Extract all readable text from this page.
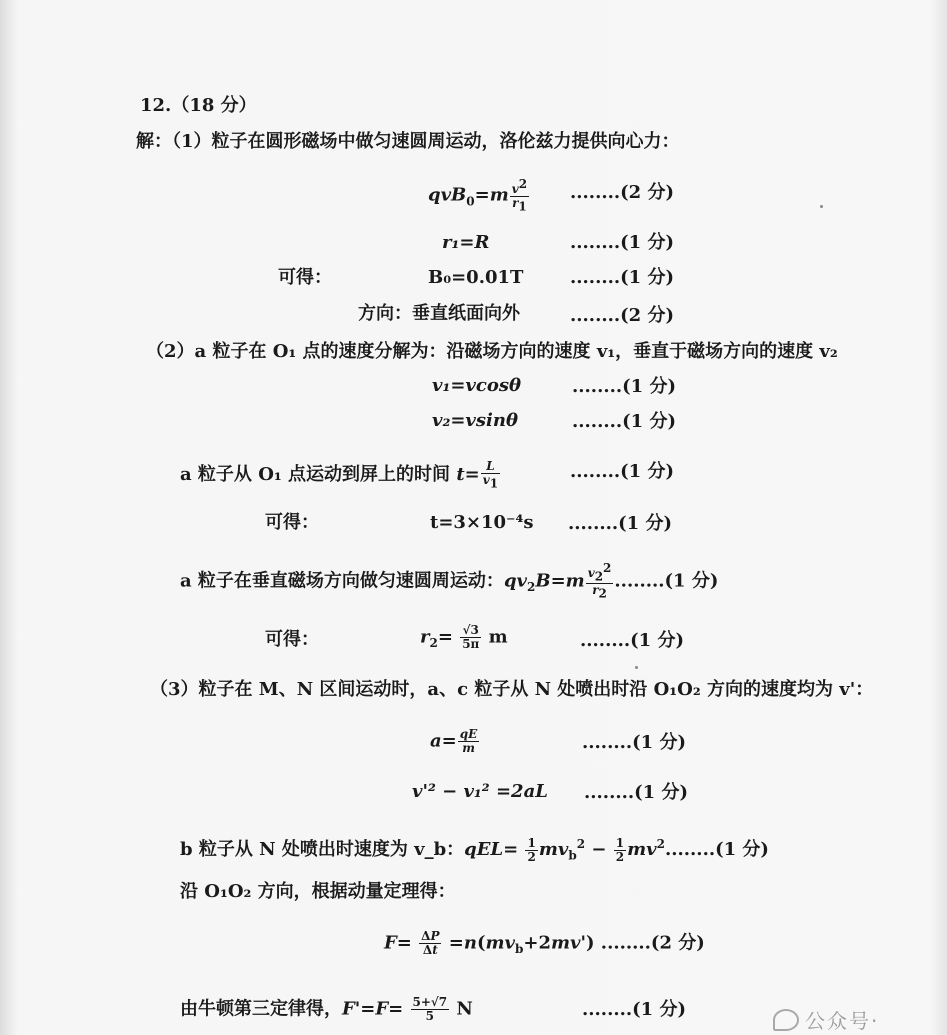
12.（18 分）
解：（1）粒子在圆形磁场中做匀速圆周运动，洛伦兹力提供向心力：
$qvB_0=m \frac{v^2}{r_1} ........(2$ 分)
r₁=R	........(1 分)
可得：	B₀=0.01T	........(1 分)
方向：垂直纸面向外	........(2 分)
（2）a 粒子在 O₁ 点的速度分解为：沿磁场方向的速度 v₁，垂直于磁场方向的速度 v₂
v₁=vcosθ	........(1 分)
v₂=vsinθ	........(1 分)
a 粒子从 O₁ 点运动到屏上的时间 $t= \frac{L}{v_1}$	........(1 分)
可得：	t=3×10⁻⁴s ........(1 分)
a 粒子在垂直磁场方向做匀速圆周运动：$qv_2B=m \frac{v_2^2}{r_2} ........(1$ 分)
可得：	$r_2= \frac{√3}{5\pi}$ m	........(1 分)
（3）粒子在 M、N 区间运动时，a、c 粒子从 N 处喷出时沿 O₁O₂ 方向的速度均为 v'：
$a= \frac{qE}{m}$	........(1 分)
v'² − v₁² =2aL ........(1 分)
b 粒子从 N 处喷出时速度为 v_b：$qEL= \frac{1}{2} mv_b^2 - \frac{1}{2} mv^2........(1$ 分)
沿 O₁O₂ 方向，根据动量定理得：
$F= \frac{\Delta P}{\Delta t} =n(mv_b+2mv')$ ........(2 分)
由牛顿第三定律得，$F'=F= \frac{5+√7}{5}$ N	........(1 分)	公众号·
